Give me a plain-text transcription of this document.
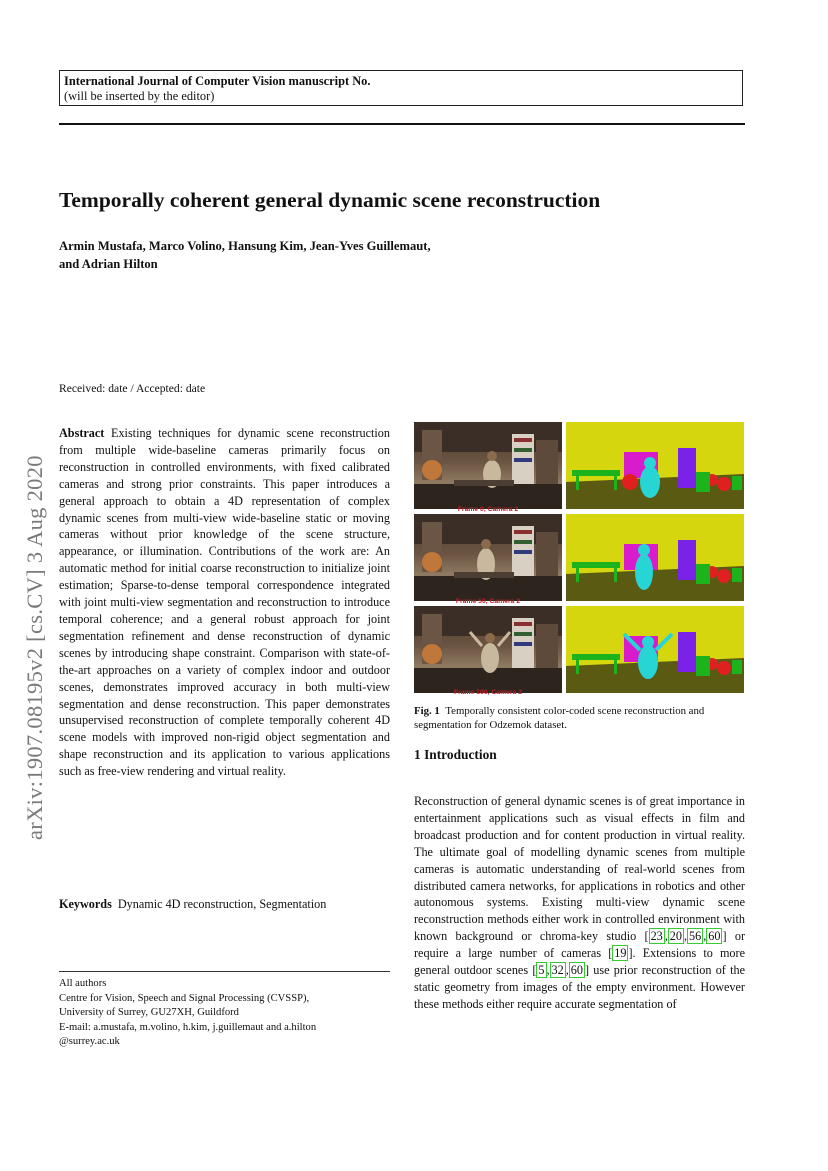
International Journal of Computer Vision manuscript No.
(will be inserted by the editor)
Temporally coherent general dynamic scene reconstruction
Armin Mustafa, Marco Volino, Hansung Kim, Jean-Yves Guillemaut,
and Adrian Hilton
arXiv:1907.08195v2 [cs.CV] 3 Aug 2020
Received: date / Accepted: date
Abstract Existing techniques for dynamic scene reconstruction from multiple wide-baseline cameras primarily focus on reconstruction in controlled environments, with fixed calibrated cameras and strong prior constraints. This paper introduces a general approach to obtain a 4D representation of complex dynamic scenes from multi-view wide-baseline static or moving cameras without prior knowledge of the scene structure, appearance, or illumination. Contributions of the work are: An automatic method for initial coarse reconstruction to initialize joint estimation; Sparse-to-dense temporal correspondence integrated with joint multi-view segmentation and reconstruction to introduce temporal coherence; and a general robust approach for joint segmentation refinement and dense reconstruction of dynamic scenes by introducing shape constraint. Comparison with state-of-the-art approaches on a variety of complex indoor and outdoor scenes, demonstrates improved accuracy in both multi-view segmentation and dense reconstruction. This paper demonstrates unsupervised reconstruction of complete temporally coherent 4D scene models with improved non-rigid object segmentation and shape reconstruction and its application to various applications such as free-view rendering and virtual reality.
Keywords Dynamic 4D reconstruction, Segmentation
All authors
Centre for Vision, Speech and Signal Processing (CVSSP),
University of Surrey, GU27XH, Guildford
E-mail: a.mustafa, m.volino, h.kim, j.guillemaut and a.hilton
@surrey.ac.uk
Frame 0, Camera 2
Frame 50, Camera 2
Frame 100, Camera 2
Fig. 1 Temporally consistent color-coded scene reconstruction and segmentation for Odzemok dataset.
1 Introduction
Reconstruction of general dynamic scenes is of great importance in entertainment applications such as visual effects in film and broadcast production and for content production in virtual reality. The ultimate goal of modelling dynamic scenes from multiple cameras is automatic understanding of real-world scenes from distributed camera networks, for applications in robotics and other autonomous systems. Existing multi-view dynamic scene reconstruction methods either work in controlled environment with known background or chroma-key studio [ 23 , 20 , 56 , 60 ] or require a large number of cameras [ 19 ]. Extensions to more general outdoor scenes [ 5 , 32 , 60 ] use prior reconstruction of the static geometry from images of the empty environment. However these methods either require accurate segmentation of
